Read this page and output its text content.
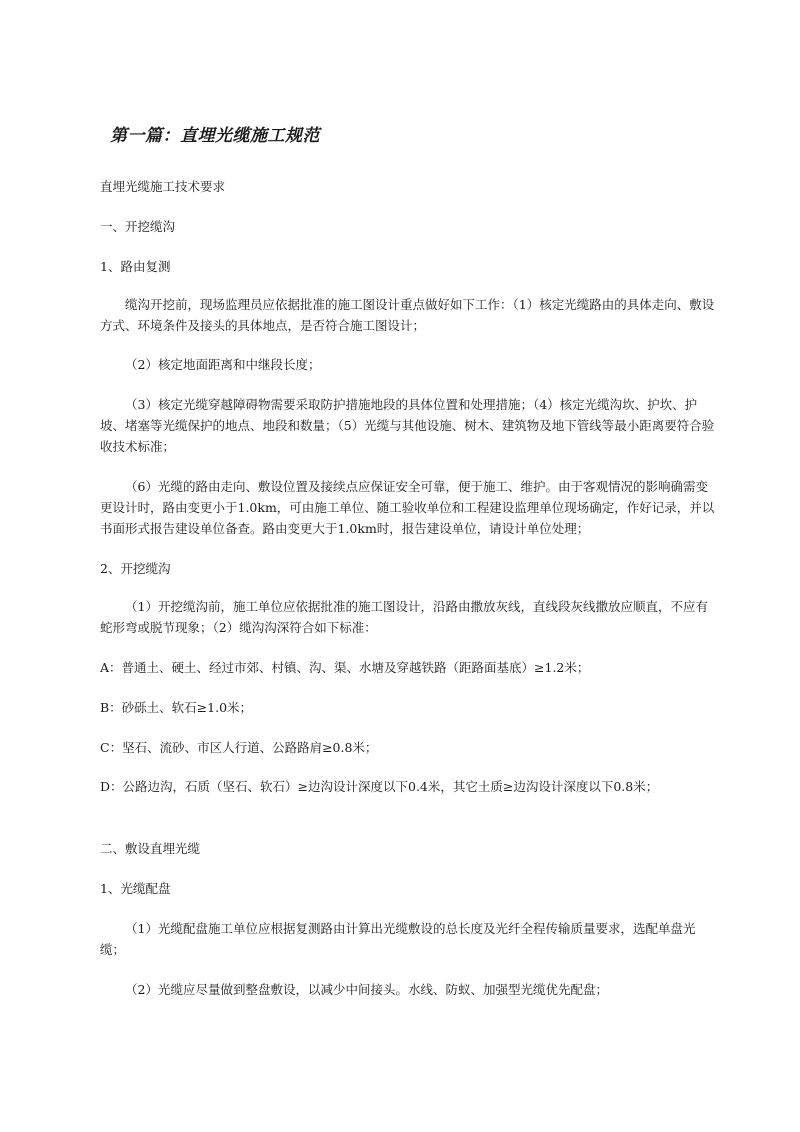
第一篇：直埋光缆施工规范

直埋光缆施工技术要求

一、开挖缆沟

1、路由复测

缆沟开挖前，现场监理员应依据批准的施工图设计重点做好如下工作：（1）核定光缆路由的具体走向、敷设方式、环境条件及接头的具体地点，是否符合施工图设计；

（2）核定地面距离和中继段长度；

（3）核定光缆穿越障碍物需要采取防护措施地段的具体位置和处理措施；（4）核定光缆沟坎、护坎、护坡、堵塞等光缆保护的地点、地段和数量；（5）光缆与其他设施、树木、建筑物及地下管线等最小距离要符合验收技术标准；

（6）光缆的路由走向、敷设位置及接续点应保证安全可靠，便于施工、维护。由于客观情况的影响确需变更设计时，路由变更小于1.0km，可由施工单位、随工验收单位和工程建设监理单位现场确定，作好记录，并以书面形式报告建设单位备查。路由变更大于1.0km时，报告建设单位，请设计单位处理；

2、开挖缆沟

（1）开挖缆沟前，施工单位应依据批准的施工图设计，沿路由撒放灰线，直线段灰线撒放应顺直，不应有蛇形弯或脱节现象；（2）缆沟沟深符合如下标准：

A：普通土、硬土、经过市郊、村镇、沟、渠、水塘及穿越铁路（距路面基底）≥1.2米；

B：砂砾土、软石≥1.0米；

C：坚石、流砂、市区人行道、公路路肩≥0.8米；

D：公路边沟，石质（坚石、软石）≥边沟设计深度以下0.4米，其它土质≥边沟设计深度以下0.8米；

二、敷设直埋光缆

1、光缆配盘

（1）光缆配盘施工单位应根据复测路由计算出光缆敷设的总长度及光纤全程传输质量要求，选配单盘光缆；

（2）光缆应尽量做到整盘敷设，以减少中间接头。水线、防蚁、加强型光缆优先配盘；
